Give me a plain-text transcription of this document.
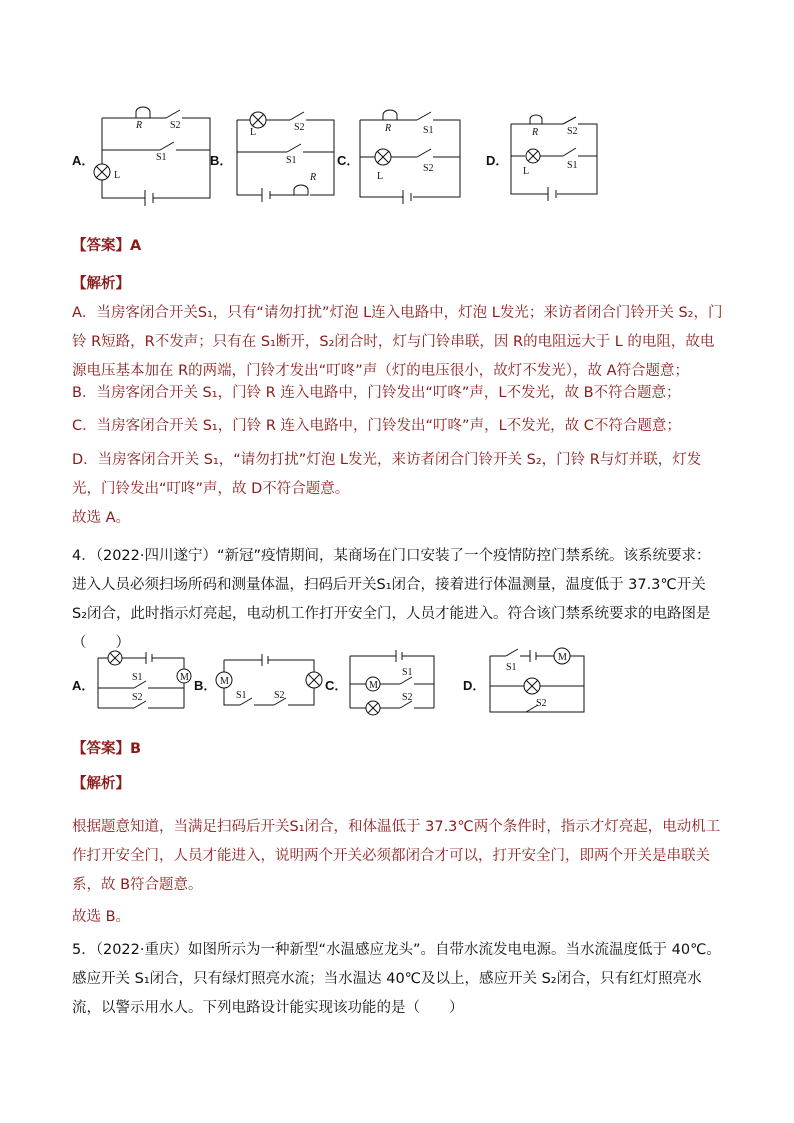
A．
R	S2
S1
L
B．
L	S2
S1
R
C．
R	S1
L
S2
D．
R	S2
L
S1
【答案】A
【解析】
A．当房客闭合开关S₁，只有“请勿打扰”灯泡 L连入电路中，灯泡 L发光；来访者闭合门铃开关 S₂，门铃 R短路，R不发声；只有在 S₁断开，S₂闭合时，灯与门铃串联，因 R的电阻远大于 L 的电阻，故电源电压基本加在 R的两端，门铃才发出“叮咚”声（灯的电压很小，故灯不发光），故 A符合题意；
B．当房客闭合开关 S₁，门铃 R 连入电路中，门铃发出“叮咚”声，L不发光，故 B不符合题意；
C．当房客闭合开关 S₁，门铃 R 连入电路中，门铃发出“叮咚”声，L不发光，故 C不符合题意；
D．当房客闭合开关 S₁，“请勿打扰”灯泡 L发光，来访者闭合门铃开关 S₂，门铃 R与灯并联，灯发光，门铃发出“叮咚”声，故 D不符合题意。
故选 A。
4．（2022·四川遂宁）“新冠”疫情期间，某商场在门口安装了一个疫情防控门禁系统。该系统要求：进入人员必须扫场所码和测量体温，扫码后开关S₁闭合，接着进行体温测量，温度低于 37.3℃开关 S₂闭合，此时指示灯亮起，电动机工作打开安全门，人员才能进入。符合该门禁系统要求的电路图是（　　）
A．
M
S1
S2
B． M
S1	S2
C． M
S1
S2
D．
M
S1
S2
【答案】B
【解析】
根据题意知道，当满足扫码后开关S₁闭合，和体温低于 37.3℃两个条件时，指示才灯亮起，电动机工作打开安全门，人员才能进入，说明两个开关必须都闭合才可以，打开安全门，即两个开关是串联关系，故 B符合题意。
故选 B。
5．（2022·重庆）如图所示为一种新型“水温感应龙头”。自带水流发电电源。当水流温度低于 40℃。感应开关 S₁闭合，只有绿灯照亮水流；当水温达 40℃及以上，感应开关 S₂闭合，只有红灯照亮水流，以警示用水人。下列电路设计能实现该功能的是（　　）
